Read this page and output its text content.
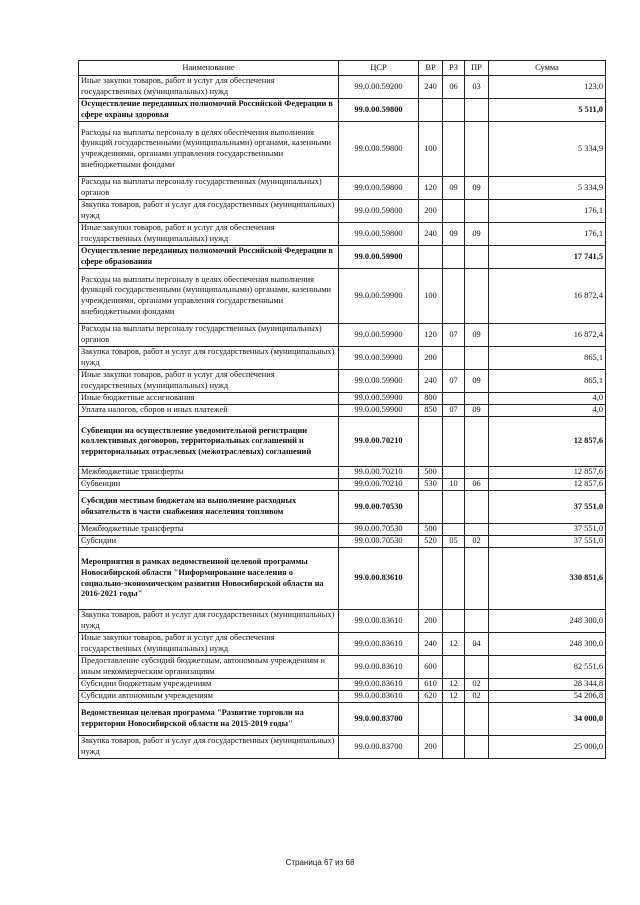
Наименование	ЦСР	ВР	РЗ	ПР	Сумма
Иные закупки товаров, работ и услуг для обеспечения государственных (муниципальных) нужд	99.0.00.59200	240	06	03	123,0
Осуществление переданных полномочий Российской Федерации в сфере охраны здоровья	99.0.00.59800				5 511,0
Расходы на выплаты персоналу в целях обеспечения выполнения функций государственными (муниципальными) органами, казенными учреждениями, органами управления государственными внебюджетными фондами	99.0.00.59800	100			5 334,9
Расходы на выплаты персоналу государственных (муниципальных) органов	99.0.00.59800	120	09	09	5 334,9
Закупка товаров, работ и услуг для государственных (муниципальных) нужд	99.0.00.59800	200			176,1
Иные закупки товаров, работ и услуг для обеспечения государственных (муниципальных) нужд	99.0.00.59800	240	09	09	176,1
Осуществление переданных полномочий Российской Федерации в сфере образования	99.0.00.59900				17 741,5
Расходы на выплаты персоналу в целях обеспечения выполнения функций государственными (муниципальными) органами, казенными учреждениями, органами управления государственными внебюджетными фондами	99.0.00.59900	100			16 872,4
Расходы на выплаты персоналу государственных (муниципальных) органов	99.0.00.59900	120	07	09	16 872,4
Закупка товаров, работ и услуг для государственных (муниципальных) нужд	99.0.00.59900	200			865,1
Иные закупки товаров, работ и услуг для обеспечения государственных (муниципальных) нужд	99.0.00.59900	240	07	09	865,1
Иные бюджетные ассигнования	99.0.00.59900	800			4,0
Уплата налогов, сборов и иных платежей	99.0.00.59900	850	07	09	4,0
Субвенции на осуществление уведомительной регистрации коллективных договоров, территориальных соглашений и территориальных отраслевых (межотраслевых) соглашений	99.0.00.70210				12 857,6
Межбюджетные трансферты	99.0.00.70210	500			12 857,6
Субвенции	99.0.00.70210	530	10	06	12 857,6
Субсидии местным бюджетам на выполнение расходных обязательств в части снабжения населения топливом	99.0.00.70530				37 551,0
Межбюджетные трансферты	99.0.00.70530	500			37 551,0
Субсидии	99.0.00.70530	520	05	02	37 551,0
Мероприятия в рамках ведомственной целевой программы Новосибирской области "Информирование населения о социально-экономическом развитии Новосибирской области на 2016-2021 годы"	99.0.00.83610				330 851,6
Закупка товаров, работ и услуг для государственных (муниципальных) нужд	99.0.00.83610	200			248 300,0
Иные закупки товаров, работ и услуг для обеспечения государственных (муниципальных) нужд	99.0.00.83610	240	12	04	248 300,0
Предоставление субсидий бюджетным, автономным учреждениям и иным некоммерческим организациям	99.0.00.83610	600			82 551,6
Субсидии бюджетным учреждениям	99.0.00.83610	610	12	02	28 344,8
Субсидии автономным учреждениям	99.0.00.83610	620	12	02	54 206,8
Ведомственная целевая программа "Развитие торговли на территории Новосибирской области на 2015-2019 годы"	99.0.00.83700				34 000,0
Закупка товаров, работ и услуг для государственных (муниципальных) нужд	99.0.00.83700	200			25 000,0
Страница 67 из 68
